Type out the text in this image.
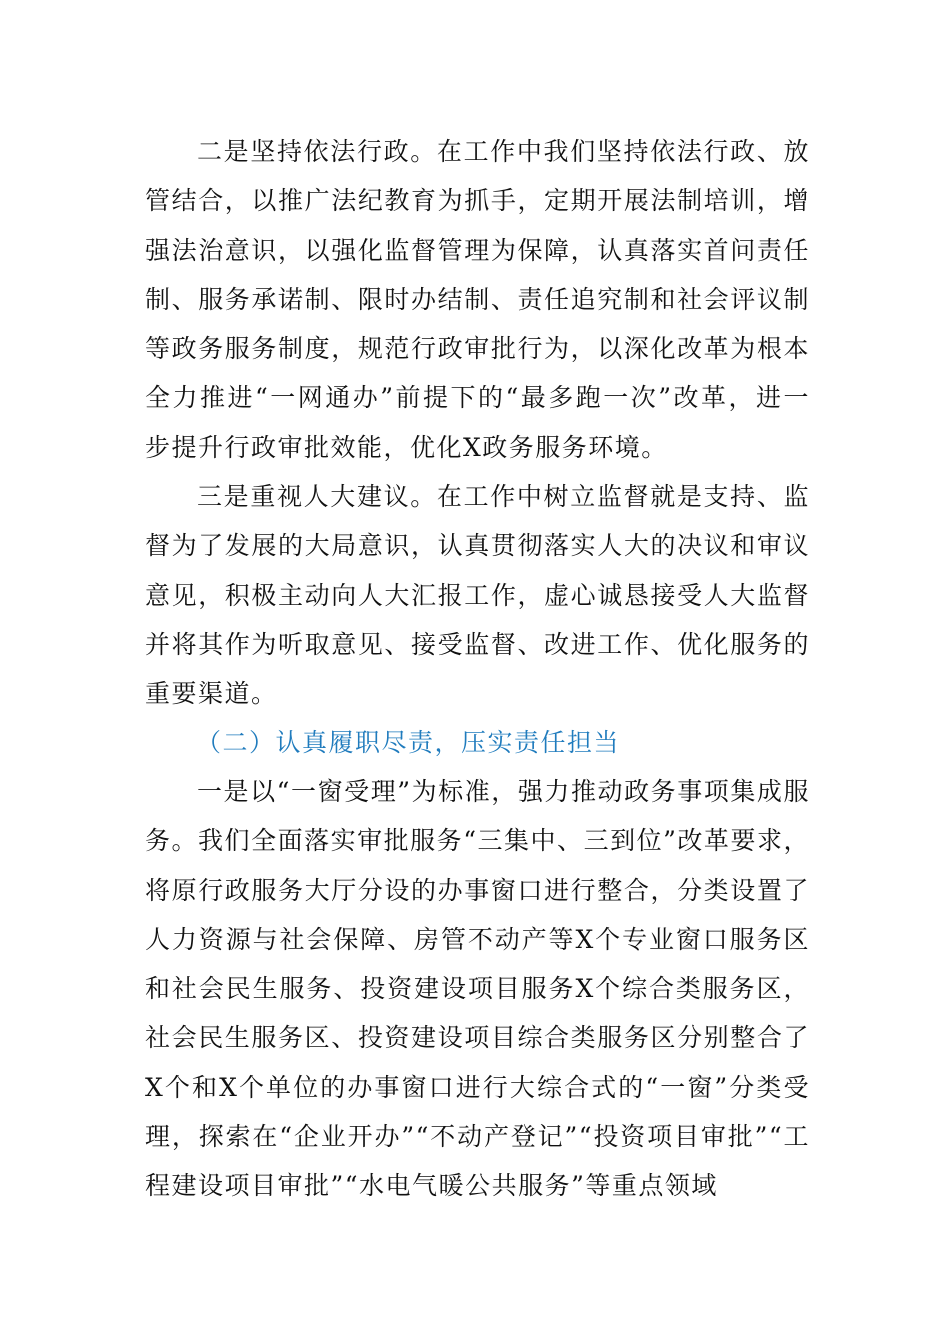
二是坚持依法行政。在工作中我们坚持依法行政、放管结合，以推广法纪教育为抓手，定期开展法制培训，增强法治意识，以强化监督管理为保障，认真落实首问责任制、服务承诺制、限时办结制、责任追究制和社会评议制等政务服务制度，规范行政审批行为，以深化改革为根本全力推进“一网通办”前提下的“最多跑一次”改革，进一步提升行政审批效能，优化X政务服务环境。

三是重视人大建议。在工作中树立监督就是支持、监督为了发展的大局意识，认真贯彻落实人大的决议和审议意见，积极主动向人大汇报工作，虚心诚恳接受人大监督并将其作为听取意见、接受监督、改进工作、优化服务的重要渠道。

（二）认真履职尽责，压实责任担当

一是以“一窗受理”为标准，强力推动政务事项集成服务。我们全面落实审批服务“三集中、三到位”改革要求，将原行政服务大厅分设的办事窗口进行整合，分类设置了人力资源与社会保障、房管不动产等X个专业窗口服务区和社会民生服务、投资建设项目服务X个综合类服务区，社会民生服务区、投资建设项目综合类服务区分别整合了X个和X个单位的办事窗口进行大综合式的“一窗”分类受理，探索在“企业开办”“不动产登记”“投资项目审批”“工程建设项目审批”“水电气暖公共服务”等重点领域
